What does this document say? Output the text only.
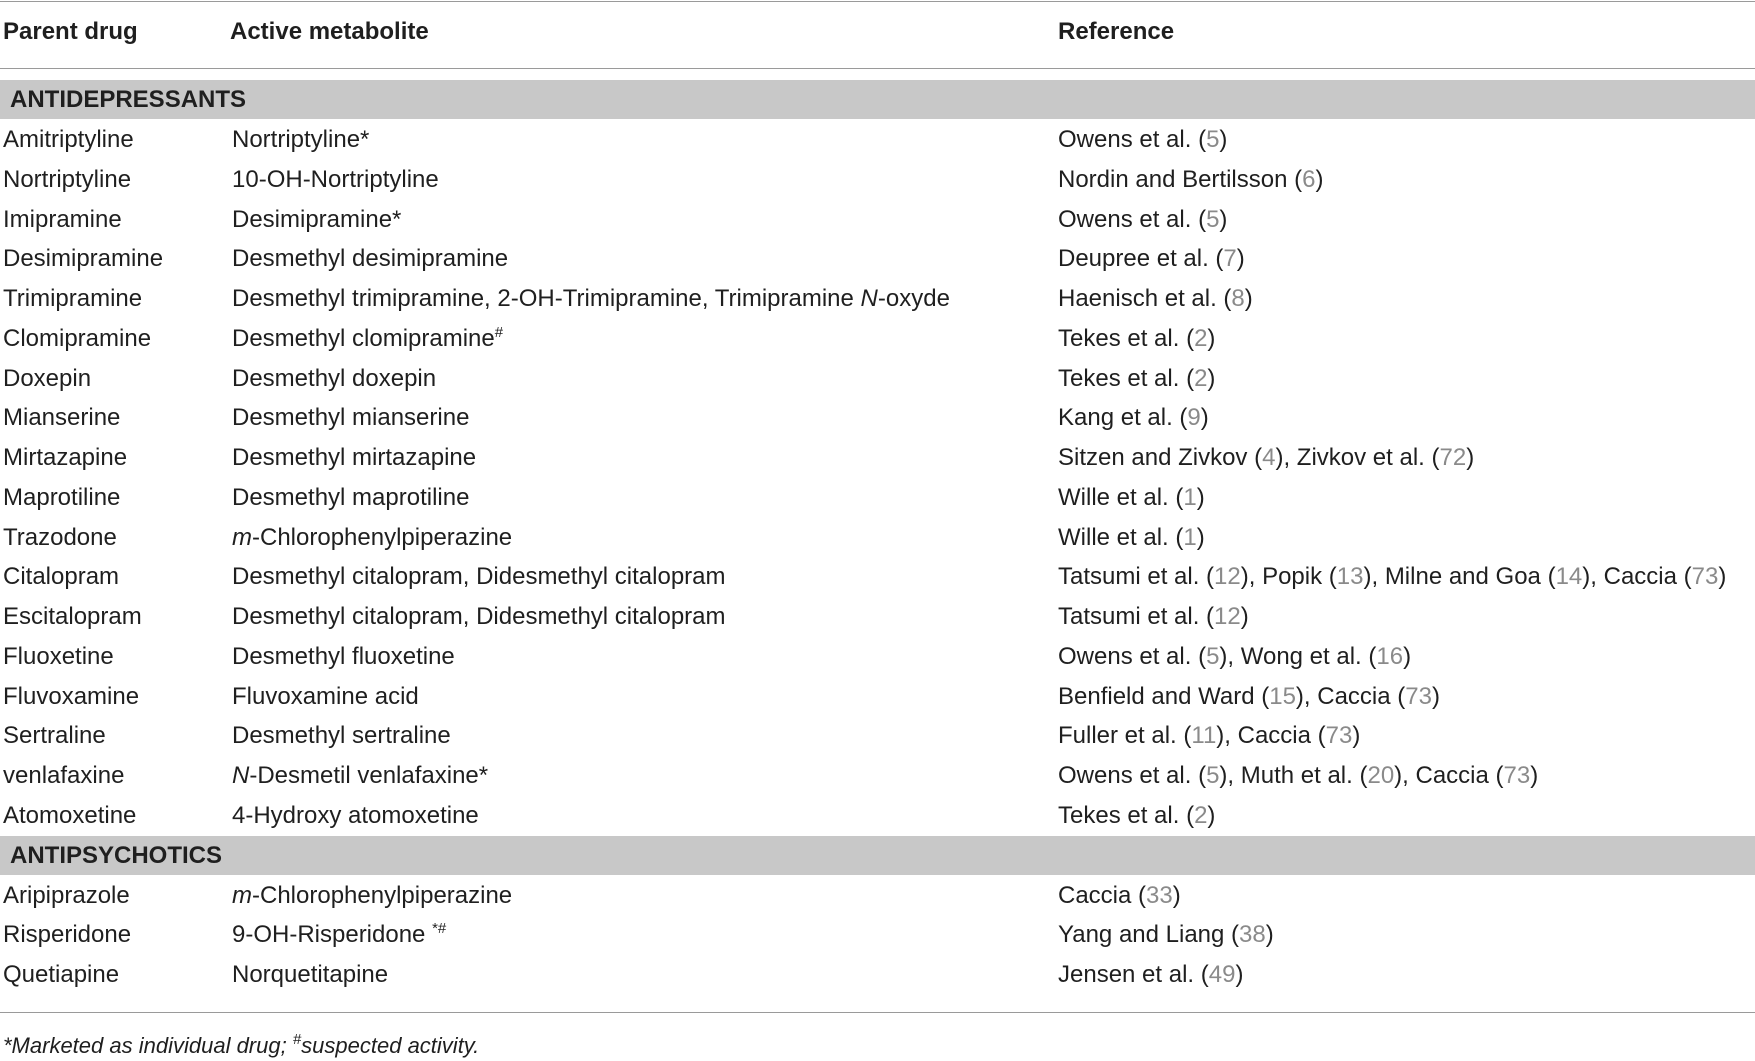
Parent drug	Active metabolite	Reference
ANTIDEPRESSANTS
Amitriptyline	Nortriptyline*	Owens et al. (5)
Nortriptyline	10-OH-Nortriptyline	Nordin and Bertilsson (6)
Imipramine	Desimipramine*	Owens et al. (5)
Desimipramine	Desmethyl desimipramine	Deupree et al. (7)
Trimipramine	Desmethyl trimipramine, 2-OH-Trimipramine, Trimipramine N-oxyde	Haenisch et al. (8)
Clomipramine	Desmethyl clomipramine#	Tekes et al. (2)
Doxepin	Desmethyl doxepin	Tekes et al. (2)
Mianserine	Desmethyl mianserine	Kang et al. (9)
Mirtazapine	Desmethyl mirtazapine	Sitzen and Zivkov (4), Zivkov et al. (72)
Maprotiline	Desmethyl maprotiline	Wille et al. (1)
Trazodone	m-Chlorophenylpiperazine	Wille et al. (1)
Citalopram	Desmethyl citalopram, Didesmethyl citalopram	Tatsumi et al. (12), Popik (13), Milne and Goa (14), Caccia (73)
Escitalopram	Desmethyl citalopram, Didesmethyl citalopram	Tatsumi et al. (12)
Fluoxetine	Desmethyl fluoxetine	Owens et al. (5), Wong et al. (16)
Fluvoxamine	Fluvoxamine acid	Benfield and Ward (15), Caccia (73)
Sertraline	Desmethyl sertraline	Fuller et al. (11), Caccia (73)
venlafaxine	N-Desmetil venlafaxine*	Owens et al. (5), Muth et al. (20), Caccia (73)
Atomoxetine	4-Hydroxy atomoxetine	Tekes et al. (2)
ANTIPSYCHOTICS
Aripiprazole	m-Chlorophenylpiperazine	Caccia (33)
Risperidone	9-OH-Risperidone *#	Yang and Liang (38)
Quetiapine	Norquetitapine	Jensen et al. (49)
*Marketed as individual drug; #suspected activity.
